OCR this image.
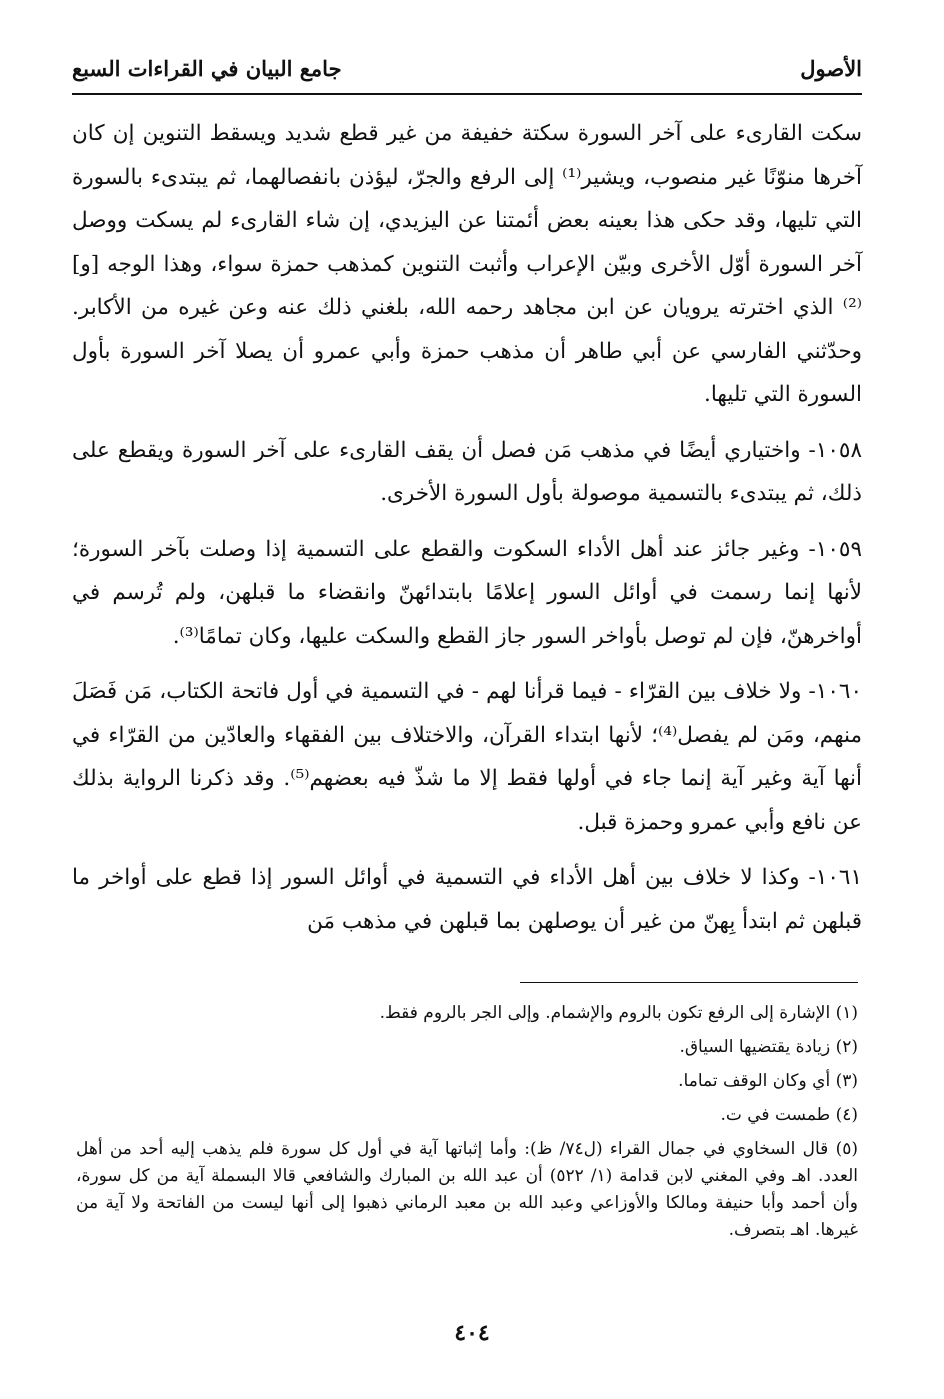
الأصول
جامع البيان في القراءات السبع

سكت القارىء على آخر السورة سكتة خفيفة من غير قطع شديد ويسقط التنوين إن كان آخرها منوّنًا غير منصوب، ويشير⁽¹⁾ إلى الرفع والجرّ، ليؤذن بانفصالهما، ثم يبتدىء بالسورة التي تليها، وقد حكى هذا بعينه بعض أئمتنا عن اليزيدي، إن شاء القارىء لم يسكت ووصل آخر السورة أوّل الأخرى وبيّن الإعراب وأثبت التنوين كمذهب حمزة سواء، وهذا الوجه [و]⁽²⁾ الذي اخترته يرويان عن ابن مجاهد رحمه الله، بلغني ذلك عنه وعن غيره من الأكابر. وحدّثني الفارسي عن أبي طاهر أن مذهب حمزة وأبي عمرو أن يصلا آخر السورة بأول السورة التي تليها.

١٠٥٨- واختياري أيضًا في مذهب مَن فصل أن يقف القارىء على آخر السورة ويقطع على ذلك، ثم يبتدىء بالتسمية موصولة بأول السورة الأخرى.

١٠٥٩- وغير جائز عند أهل الأداء السكوت والقطع على التسمية إذا وصلت بآخر السورة؛ لأنها إنما رسمت في أوائل السور إعلامًا بابتدائهنّ وانقضاء ما قبلهن، ولم تُرسم في أواخرهنّ، فإن لم توصل بأواخر السور جاز القطع والسكت عليها، وكان تمامًا⁽³⁾.

١٠٦٠- ولا خلاف بين القرّاء - فيما قرأنا لهم - في التسمية في أول فاتحة الكتاب، مَن فَصَلَ منهم، ومَن لم يفصل⁽⁴⁾؛ لأنها ابتداء القرآن، والاختلاف بين الفقهاء والعادّين من القرّاء في أنها آية وغير آية إنما جاء في أولها فقط إلا ما شذّ فيه بعضهم⁽⁵⁾. وقد ذكرنا الرواية بذلك عن نافع وأبي عمرو وحمزة قبل.

١٠٦١- وكذا لا خلاف بين أهل الأداء في التسمية في أوائل السور إذا قطع على أواخر ما قبلهن ثم ابتدأ بِهنّ من غير أن يوصلهن بما قبلهن في مذهب مَن

(١) الإشارة إلى الرفع تكون بالروم والإشمام. وإلى الجر بالروم فقط.
(٢) زيادة يقتضيها السياق.
(٣) أي وكان الوقف تماما.
(٤) طمست في ت.
(٥) قال السخاوي في جمال القراء (ل٧٤/ ظ): وأما إثباتها آية في أول كل سورة فلم يذهب إليه أحد من أهل العدد. اهـ وفي المغني لابن قدامة (١/ ٥٢٢) أن عبد الله بن المبارك والشافعي قالا البسملة آية من كل سورة، وأن أحمد وأبا حنيفة ومالكا والأوزاعي وعبد الله بن معبد الرماني ذهبوا إلى أنها ليست من الفاتحة ولا آية من غيرها. اهـ بتصرف.
٤٠٤
